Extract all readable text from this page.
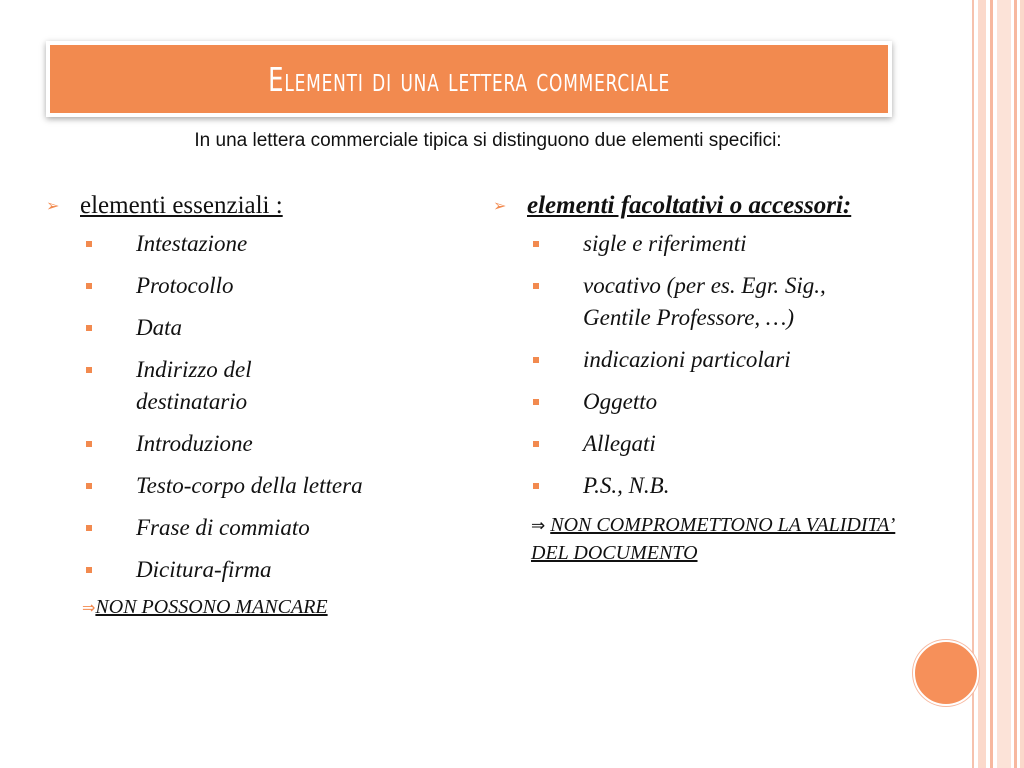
Elementi di una lettera commerciale
In una lettera commerciale tipica si distinguono due elementi specifici:
➢ elementi essenziali :
Intestazione
Protocollo
Data
Indirizzo del destinatario
Introduzione
Testo-corpo della lettera
Frase di commiato
Dicitura-firma
⇒NON POSSONO MANCARE
➢ elementi facoltativi o accessori:
sigle e riferimenti
vocativo (per es. Egr. Sig., Gentile Professore, …)
indicazioni particolari
Oggetto
Allegati
P.S., N.B.
⇒ NON COMPROMETTONO LA VALIDITA’ DEL DOCUMENTO
